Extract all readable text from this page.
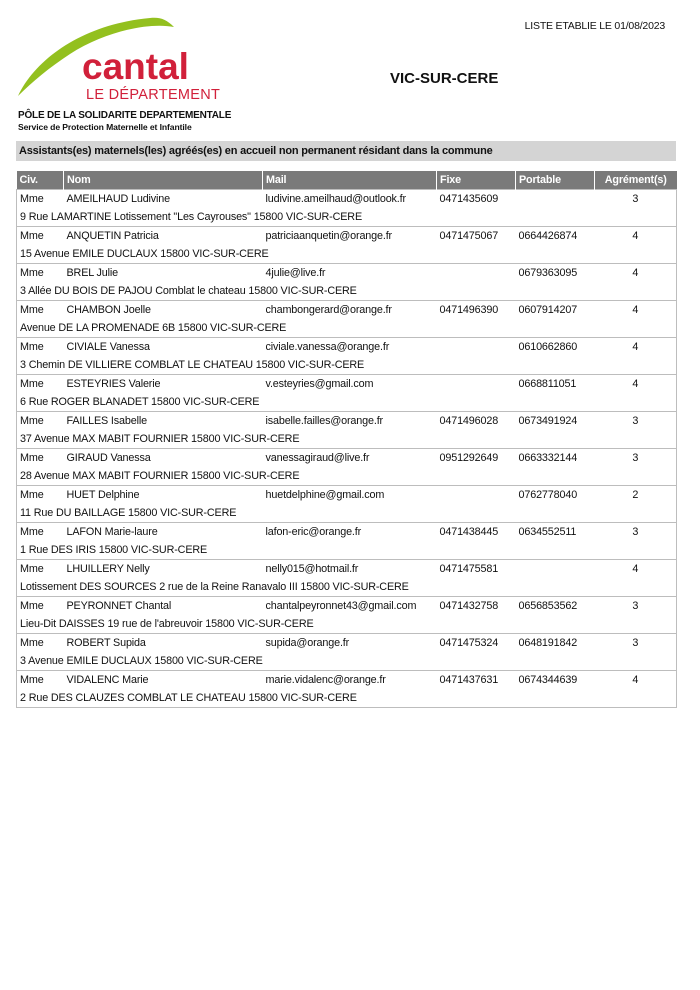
LISTE ETABLIE LE 01/08/2023
cantal
LE DÉPARTEMENT
VIC-SUR-CERE
PÔLE DE LA SOLIDARITE DEPARTEMENTALE
Service de Protection Maternelle et Infantile
Assistants(es) maternels(les) agréés(es) en accueil non permanent résidant dans la commune
Civ.	Nom	Mail	Fixe	Portable	Agrément(s)
Mme	AMEILHAUD Ludivine	ludivine.ameilhaud@outlook.fr	0471435609		3
9 Rue LAMARTINE Lotissement "Les Cayrouses" 15800 VIC-SUR-CERE					
Mme	ANQUETIN Patricia	patriciaanquetin@orange.fr	0471475067	0664426874	4
15 Avenue EMILE DUCLAUX 15800 VIC-SUR-CERE					
Mme	BREL Julie	4julie@live.fr		0679363095	4
3 Allée DU BOIS DE PAJOU Comblat le chateau 15800 VIC-SUR-CERE					
Mme	CHAMBON Joelle	chambongerard@orange.fr	0471496390	0607914207	4
Avenue DE LA PROMENADE 6B 15800 VIC-SUR-CERE					
Mme	CIVIALE Vanessa	civiale.vanessa@orange.fr		0610662860	4
3 Chemin DE VILLIERE COMBLAT LE CHATEAU 15800 VIC-SUR-CERE					
Mme	ESTEYRIES Valerie	v.esteyries@gmail.com		0668811051	4
6 Rue ROGER BLANADET 15800 VIC-SUR-CERE					
Mme	FAILLES Isabelle	isabelle.failles@orange.fr	0471496028	0673491924	3
37 Avenue MAX MABIT FOURNIER 15800 VIC-SUR-CERE					
Mme	GIRAUD Vanessa	vanessagiraud@live.fr	0951292649	0663332144	3
28 Avenue MAX MABIT FOURNIER 15800 VIC-SUR-CERE					
Mme	HUET Delphine	huetdelphine@gmail.com		0762778040	2
11 Rue DU BAILLAGE 15800 VIC-SUR-CERE					
Mme	LAFON Marie-laure	lafon-eric@orange.fr	0471438445	0634552511	3
1 Rue DES IRIS 15800 VIC-SUR-CERE					
Mme	LHUILLERY Nelly	nelly015@hotmail.fr	0471475581		4
Lotissement DES SOURCES 2 rue de la Reine Ranavalo III 15800 VIC-SUR-CERE					
Mme	PEYRONNET Chantal	chantalpeyronnet43@gmail.com	0471432758	0656853562	3
Lieu-Dit DAISSES 19 rue de l'abreuvoir 15800 VIC-SUR-CERE					
Mme	ROBERT Supida	supida@orange.fr	0471475324	0648191842	3
3 Avenue EMILE DUCLAUX 15800 VIC-SUR-CERE					
Mme	VIDALENC Marie	marie.vidalenc@orange.fr	0471437631	0674344639	4
2 Rue DES CLAUZES COMBLAT LE CHATEAU 15800 VIC-SUR-CERE					
